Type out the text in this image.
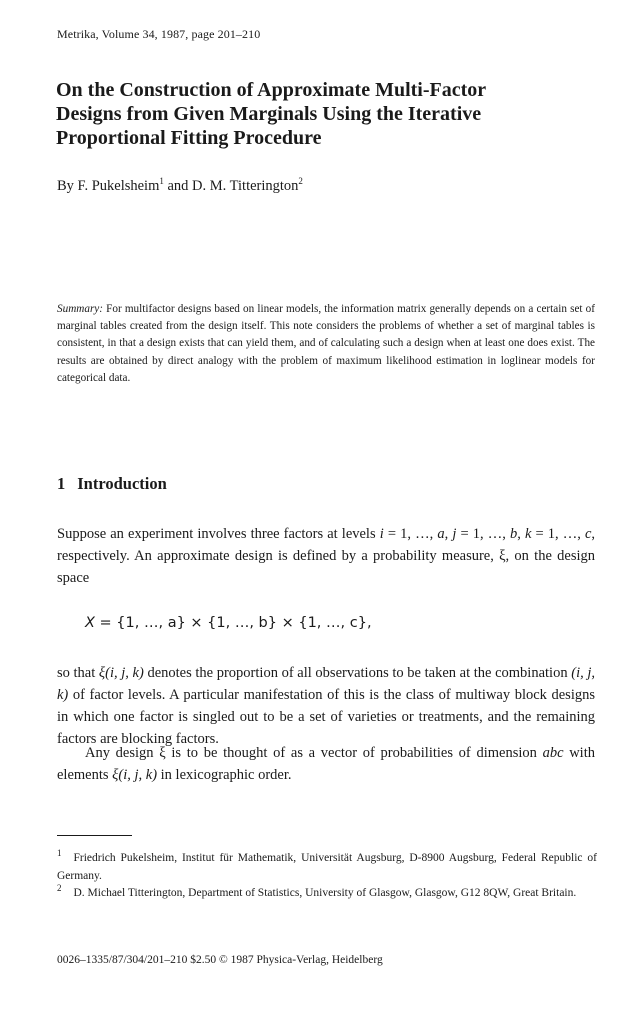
Metrika, Volume 34, 1987, page 201–210
On the Construction of Approximate Multi-Factor
Designs from Given Marginals Using the Iterative
Proportional Fitting Procedure
By F. Pukelsheim$^1$ and D. M. Titterington$^2$
Summary: For multifactor designs based on linear models, the information matrix generally depends on a certain set of marginal tables created from the design itself. This note considers the problems of whether a set of marginal tables is consistent, in that a design exists that can yield them, and of calculating such a design when at least one does exist. The results are obtained by direct analogy with the problem of maximum likelihood estimation in loglinear models for categorical data.
1 Introduction
Suppose an experiment involves three factors at levels i = 1, …, a, j = 1, …, b, k = 1, …, c, respectively. An approximate design is defined by a probability measure, ξ, on the design space
X = {1, …, a} × {1, …, b} × {1, …, c},
so that ξ(i, j, k) denotes the proportion of all observations to be taken at the combination (i, j, k) of factor levels. A particular manifestation of this is the class of multiway block designs in which one factor is singled out to be a set of varieties or treatments, and the remaining factors are blocking factors.
Any design ξ is to be thought of as a vector of probabilities of dimension abc with elements ξ(i, j, k) in lexicographic order.
$^1$ Friedrich Pukelsheim, Institut für Mathematik, Universität Augsburg, D-8900 Augsburg, Federal Republic of Germany.
$^2$ D. Michael Titterington, Department of Statistics, University of Glasgow, Glasgow, G12 8QW, Great Britain.
0026–1335/87/304/201–210 $2.50 © 1987 Physica-Verlag, Heidelberg
